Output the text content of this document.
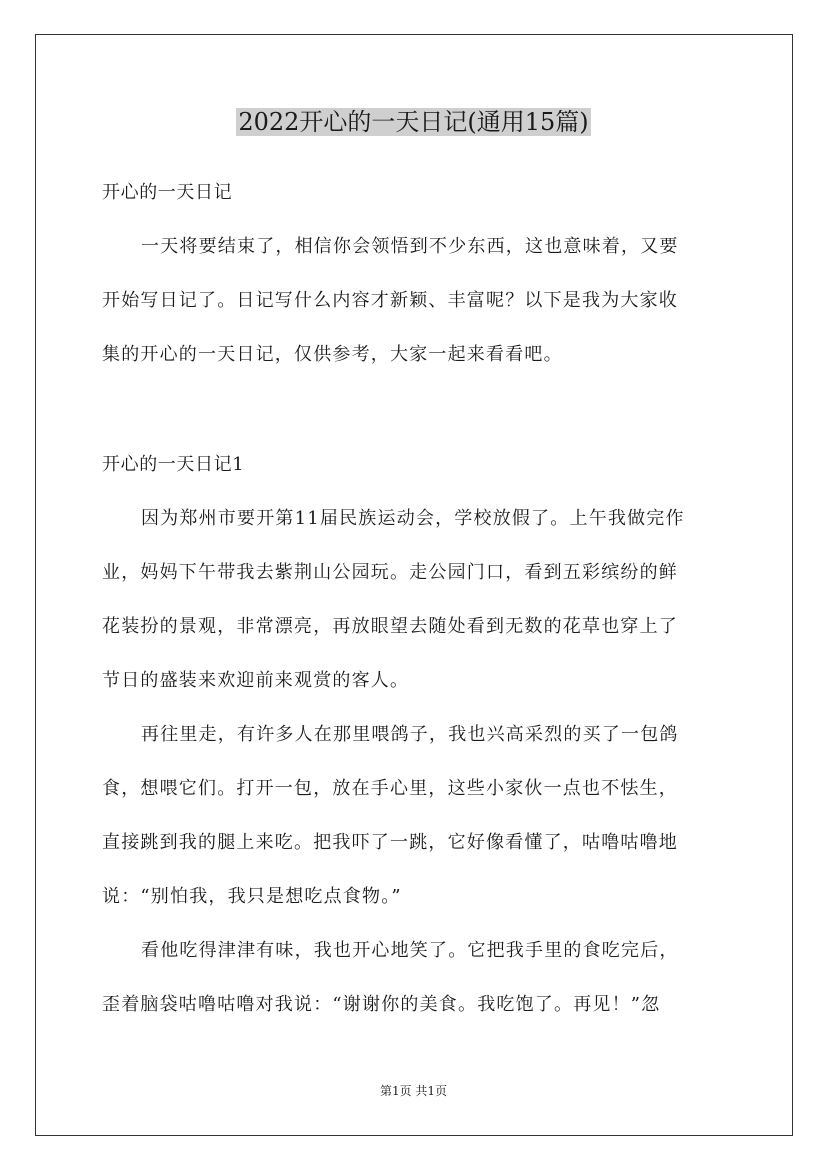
2022开心的一天日记(通用15篇)
开心的一天日记
一天将要结束了，相信你会领悟到不少东西，这也意味着，又要
开始写日记了。日记写什么内容才新颖、丰富呢？以下是我为大家收
集的开心的一天日记，仅供参考，大家一起来看看吧。
开心的一天日记1
因为郑州市要开第11届民族运动会，学校放假了。上午我做完作
业，妈妈下午带我去紫荆山公园玩。走公园门口，看到五彩缤纷的鲜
花装扮的景观，非常漂亮，再放眼望去随处看到无数的花草也穿上了
节日的盛装来欢迎前来观赏的客人。
再往里走，有许多人在那里喂鸽子，我也兴高采烈的买了一包鸽
食，想喂它们。打开一包，放在手心里，这些小家伙一点也不怯生，
直接跳到我的腿上来吃。把我吓了一跳，它好像看懂了，咕噜咕噜地
说：“别怕我，我只是想吃点食物。”
看他吃得津津有味，我也开心地笑了。它把我手里的食吃完后，
歪着脑袋咕噜咕噜对我说：“谢谢你的美食。我吃饱了。再见！”忽
第1页 共1页
